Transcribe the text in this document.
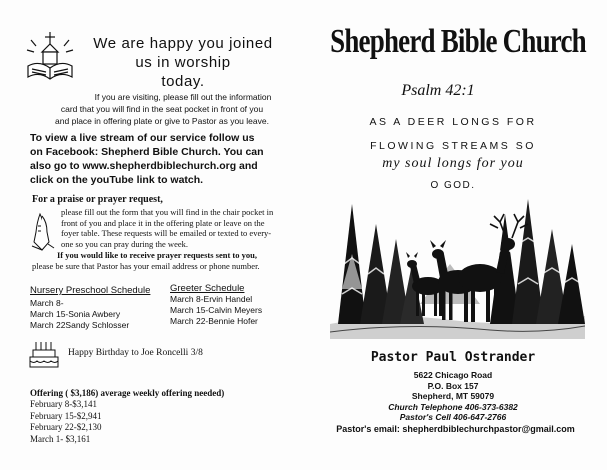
We are happy you joined
us in worship
today.
If you are visiting, please fill out the information
card that you will find in the seat pocket in front of you
and place in offering plate or give to Pastor as you leave.
To view a live stream of our service follow us
on Facebook: Shepherd Bible Church. You can
also go to www.shepherdbiblechurch.org and
click on the youTube link to watch.
For a praise or prayer request,
please fill out the form that you will find in the chair pocket in
front of you and place it in the offering plate or leave on the
foyer table. These requests will be emailed or texted to every-
one so you can pray during the week.
If you would like to receive prayer requests sent to you,
please be sure that Pastor has your email address or phone number.
Nursery Preschool Schedule
March 8-
March 15-Sonia Awbery
March 22Sandy Schlosser
Greeter Schedule
March 8-Ervin Handel
March 15-Calvin Meyers
March 22-Bennie Hofer
Happy Birthday to Joe Roncelli 3/8
Offering ( $3,186) average weekly offering needed)
February 8-$3,141
February 15-$2,941
February 22-$2,130
March 1- $3,161
Shepherd Bible Church
Psalm 42:1
AS A DEER LONGS FOR
FLOWING STREAMS SO
my soul longs for you
O GOD.
Pastor Paul Ostrander
5622 Chicago Road
P.O. Box 157
Shepherd, MT 59079
Church Telephone 406-373-6382
Pastor's Cell 406-647-2766
Pastor's email: shepherdbiblechurchpastor@gmail.com
